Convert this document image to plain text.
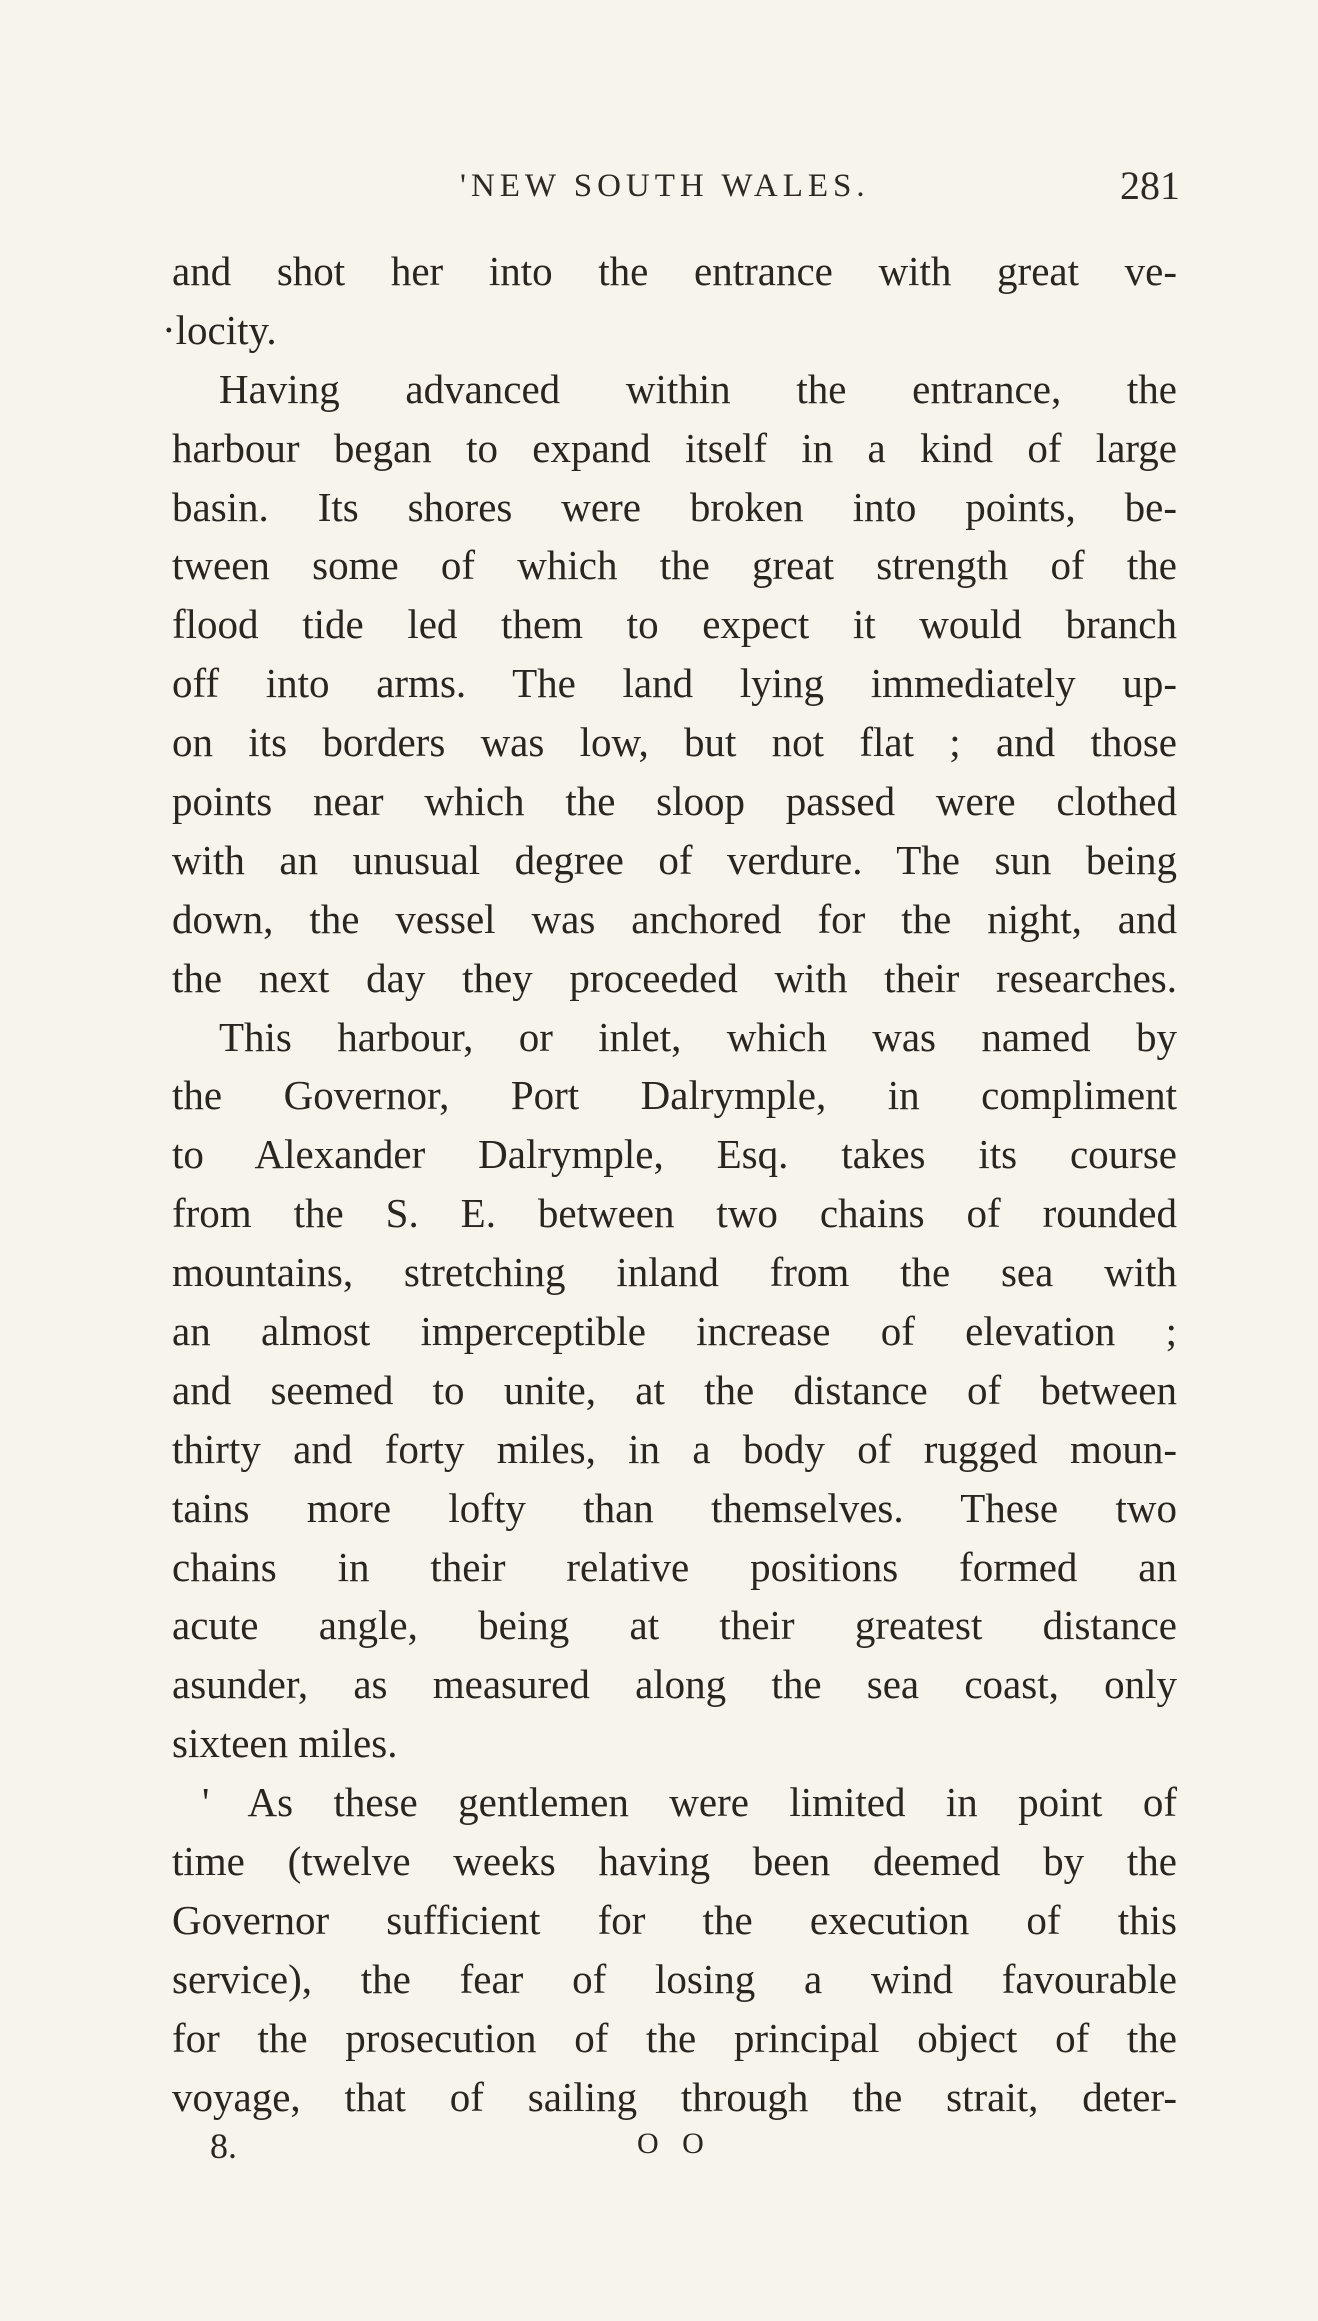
'NEW SOUTH WALES.	281
and shot her into the entrance with great ve-
·locity.
Having advanced within the entrance, the
harbour began to expand itself in a kind of large
basin. Its shores were broken into points, be-
tween some of which the great strength of the
flood tide led them to expect it would branch
off into arms. The land lying immediately up-
on its borders was low, but not flat ; and those
points near which the sloop passed were clothed
with an unusual degree of verdure. The sun being
down, the vessel was anchored for the night, and
the next day they proceeded with their researches.
This harbour, or inlet, which was named by
the Governor, Port Dalrymple, in compliment
to Alexander Dalrymple, Esq. takes its course
from the S. E. between two chains of rounded
mountains, stretching inland from the sea with
an almost imperceptible increase of elevation ;
and seemed to unite, at the distance of between
thirty and forty miles, in a body of rugged moun-
tains more lofty than themselves. These two
chains in their relative positions formed an
acute angle, being at their greatest distance
asunder, as measured along the sea coast, only
sixteen miles.
' As these gentlemen were limited in point of
time (twelve weeks having been deemed by the
Governor sufficient for the execution of this
service), the fear of losing a wind favourable
for the prosecution of the principal object of the
voyage, that of sailing through the strait, deter-
8.	O O
